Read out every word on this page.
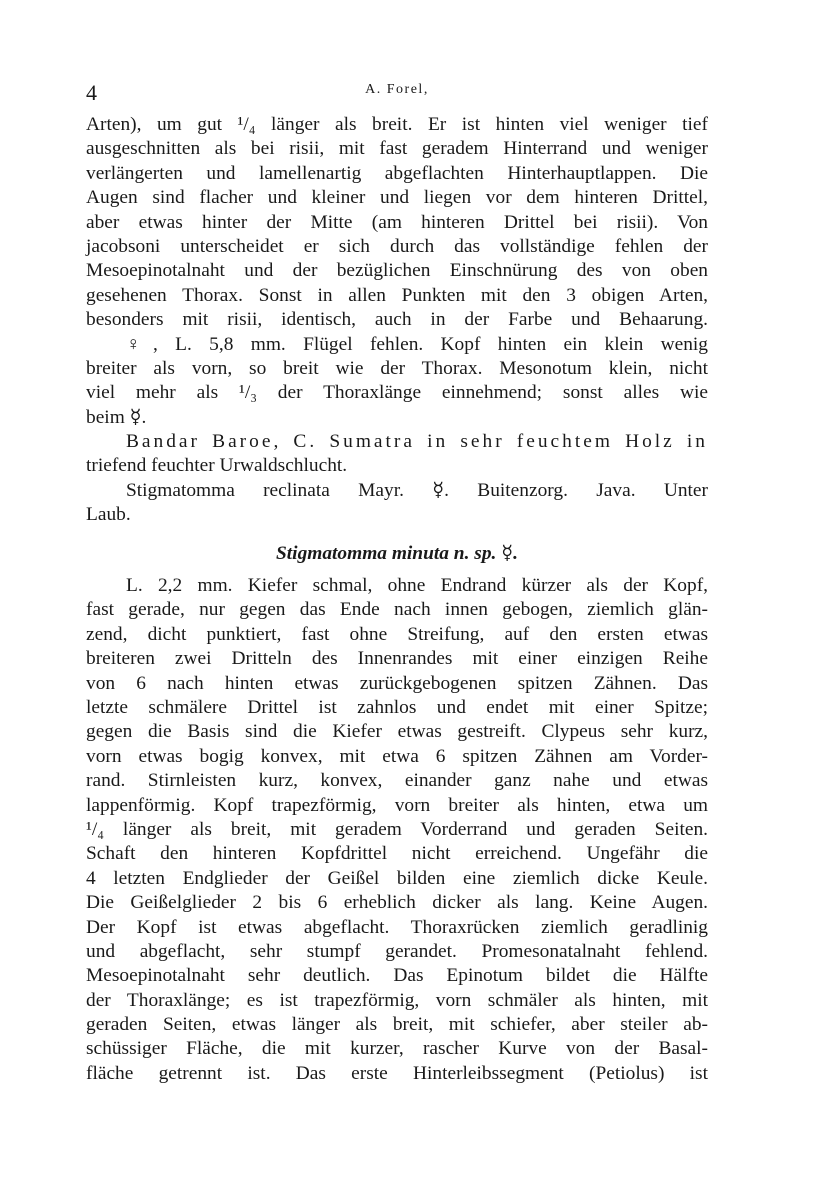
4	A. Forel,
Arten), um gut ¹/₄ länger als breit. Er ist hinten viel weniger tief
ausgeschnitten als bei risii, mit fast geradem Hinterrand und weniger
verlängerten und lamellenartig abgeflachten Hinterhauptlappen. Die
Augen sind flacher und kleiner und liegen vor dem hinteren Drittel,
aber etwas hinter der Mitte (am hinteren Drittel bei risii). Von
jacobsoni unterscheidet er sich durch das vollständige fehlen der
Mesoepinotalnaht und der bezüglichen Einschnürung des von oben
gesehenen Thorax. Sonst in allen Punkten mit den 3 obigen Arten,
besonders mit risii, identisch, auch in der Farbe und Behaarung.
♀, L. 5,8 mm. Flügel fehlen. Kopf hinten ein klein wenig
breiter als vorn, so breit wie der Thorax. Mesonotum klein, nicht
viel mehr als ¹/₃ der Thoraxlänge einnehmend; sonst alles wie
beim ☿.
Bandar Baroe, C. Sumatra in sehr feuchtem Holz in
triefend feuchter Urwaldschlucht.
Stigmatomma reclinata Mayr. ☿. Buitenzorg. Java. Unter
Laub.
Stigmatomma minuta n. sp. ☿.
L. 2,2 mm. Kiefer schmal, ohne Endrand kürzer als der Kopf,
fast gerade, nur gegen das Ende nach innen gebogen, ziemlich glän-
zend, dicht punktiert, fast ohne Streifung, auf den ersten etwas
breiteren zwei Dritteln des Innenrandes mit einer einzigen Reihe
von 6 nach hinten etwas zurückgebogenen spitzen Zähnen. Das
letzte schmälere Drittel ist zahnlos und endet mit einer Spitze;
gegen die Basis sind die Kiefer etwas gestreift. Clypeus sehr kurz,
vorn etwas bogig konvex, mit etwa 6 spitzen Zähnen am Vorder-
rand. Stirnleisten kurz, konvex, einander ganz nahe und etwas
lappenförmig. Kopf trapezförmig, vorn breiter als hinten, etwa um
¹/₄ länger als breit, mit geradem Vorderrand und geraden Seiten.
Schaft den hinteren Kopfdrittel nicht erreichend. Ungefähr die
4 letzten Endglieder der Geißel bilden eine ziemlich dicke Keule.
Die Geißelglieder 2 bis 6 erheblich dicker als lang. Keine Augen.
Der Kopf ist etwas abgeflacht. Thoraxrücken ziemlich geradlinig
und abgeflacht, sehr stumpf gerandet. Promesonatalnaht fehlend.
Mesoepinotalnaht sehr deutlich. Das Epinotum bildet die Hälfte
der Thoraxlänge; es ist trapezförmig, vorn schmäler als hinten, mit
geraden Seiten, etwas länger als breit, mit schiefer, aber steiler ab-
schüssiger Fläche, die mit kurzer, rascher Kurve von der Basal-
fläche getrennt ist. Das erste Hinterleibssegment (Petiolus) ist
